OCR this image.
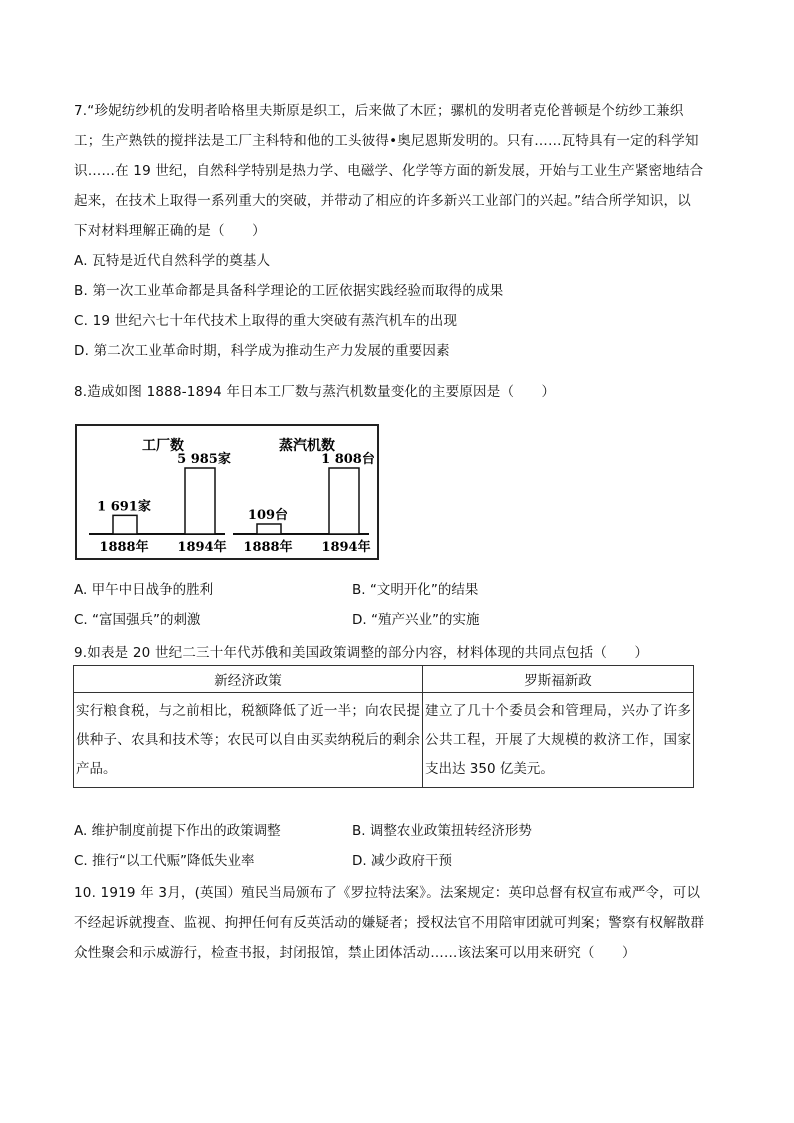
7.“珍妮纺纱机的发明者哈格里夫斯原是织工，后来做了木匠；骡机的发明者克伦普顿是个纺纱工兼织
工；生产熟铁的搅拌法是工厂主科特和他的工头彼得•奥尼恩斯发明的。只有……瓦特具有一定的科学知
识……在 19 世纪，自然科学特别是热力学、电磁学、化学等方面的新发展，开始与工业生产紧密地结合
起来，在技术上取得一系列重大的突破，并带动了相应的许多新兴工业部门的兴起。”结合所学知识，以
下对材料理解正确的是（　　）
A. 瓦特是近代自然科学的奠基人
B. 第一次工业革命都是具备科学理论的工匠依据实践经验而取得的成果
C. 19 世纪六七十年代技术上取得的重大突破有蒸汽机车的出现
D. 第二次工业革命时期，科学成为推动生产力发展的重要因素
8.造成如图 1888-1894 年日本工厂数与蒸汽机数量变化的主要原因是（　　）
工厂数
1 691家
1888年
5 985家
1894年
蒸汽机数
109台
1888年
1 808台
1894年
A. 甲午中日战争的胜利	B. “文明开化”的结果
C. “富国强兵”的刺激	D. “殖产兴业”的实施
9.如表是 20 世纪二三十年代苏俄和美国政策调整的部分内容，材料体现的共同点包括（　　）
新经济政策	罗斯福新政
实行粮食税，与之前相比，税额降低了近一半；向农民提供种子、农具和技术等；农民可以自由买卖纳税后的剩余产品。	建立了几十个委员会和管理局，兴办了许多公共工程，开展了大规模的救济工作，国家支出达 350 亿美元。
A. 维护制度前提下作出的政策调整	B. 调整农业政策扭转经济形势
C. 推行“以工代赈”降低失业率	D. 减少政府干预
10. 1919 年 3月，(英国）殖民当局颁布了《罗拉特法案》。法案规定：英印总督有权宣布戒严令，可以
不经起诉就搜查、监视、拘押任何有反英活动的嫌疑者；授权法官不用陪审团就可判案；警察有权解散群
众性聚会和示威游行，检查书报，封闭报馆，禁止团体活动……该法案可以用来研究（　　）
